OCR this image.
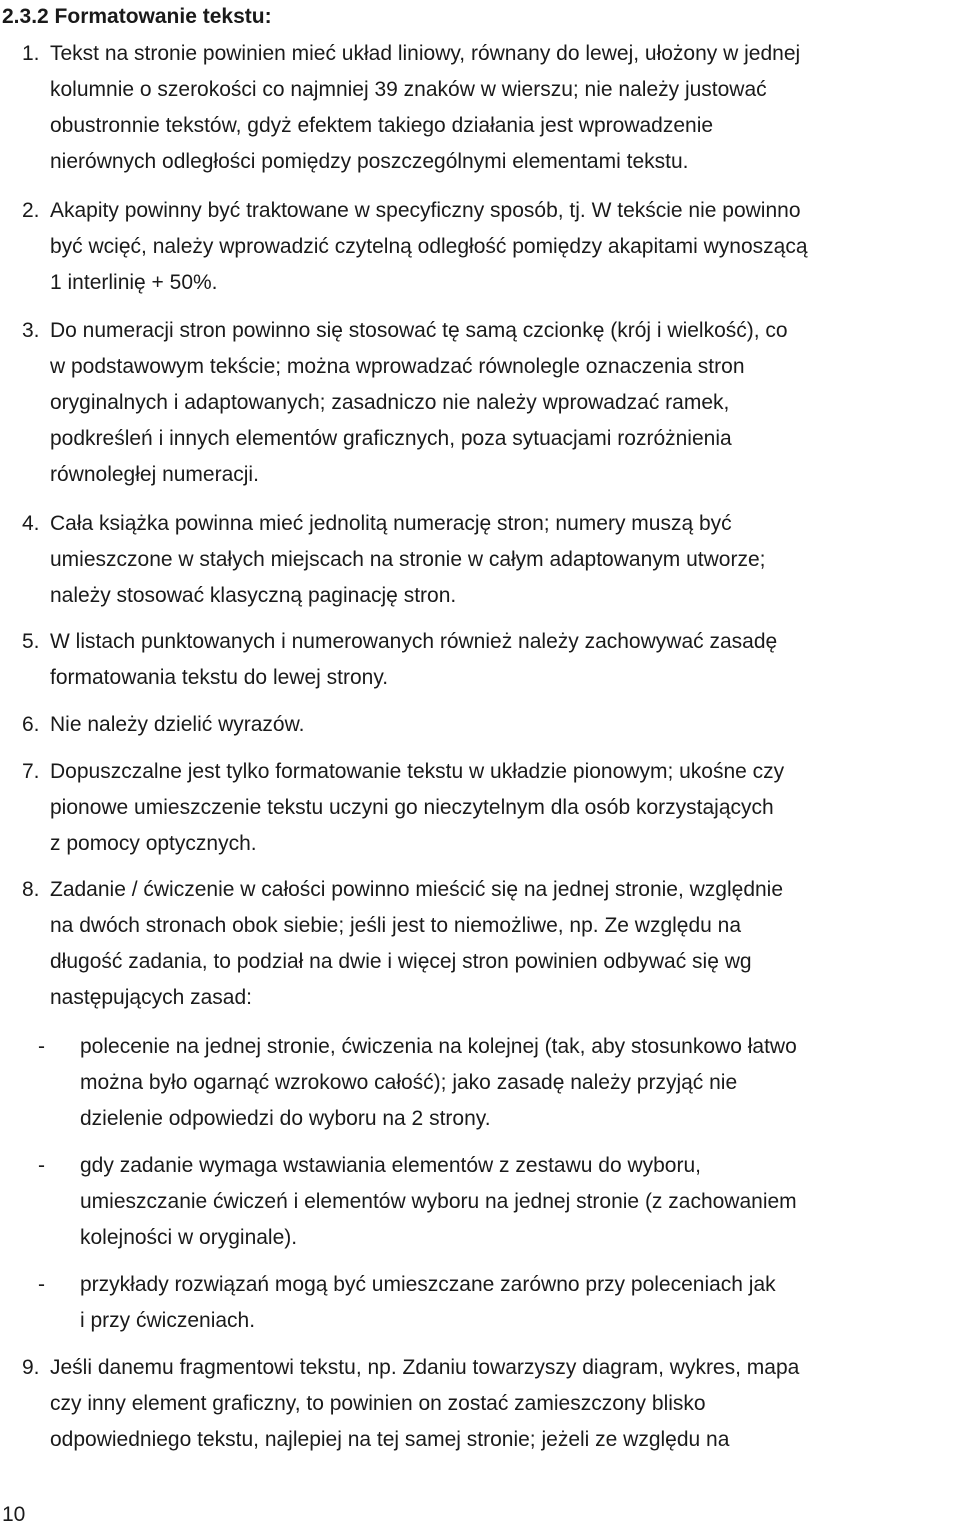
2.3.2 Formatowanie tekstu:
1. Tekst na stronie powinien mieć układ liniowy, równany do lewej, ułożony w jednej
kolumnie o szerokości co najmniej 39 znaków w wierszu; nie należy justować
obustronnie tekstów, gdyż efektem takiego działania jest wprowadzenie
nierównych odległości pomiędzy poszczególnymi elementami tekstu.
2. Akapity powinny być traktowane w specyficzny sposób, tj. W tekście nie powinno
być wcięć, należy wprowadzić czytelną odległość pomiędzy akapitami wynoszącą
1 interlinię + 50%.
3. Do numeracji stron powinno się stosować tę samą czcionkę (krój i wielkość), co
w podstawowym tekście; można wprowadzać równolegle oznaczenia stron
oryginalnych i adaptowanych; zasadniczo nie należy wprowadzać ramek,
podkreśleń i innych elementów graficznych, poza sytuacjami rozróżnienia
równoległej numeracji.
4. Cała książka powinna mieć jednolitą numerację stron; numery muszą być
umieszczone w stałych miejscach na stronie w całym adaptowanym utworze;
należy stosować klasyczną paginację stron.
5. W listach punktowanych i numerowanych również należy zachowywać zasadę
formatowania tekstu do lewej strony.
6. Nie należy dzielić wyrazów.
7. Dopuszczalne jest tylko formatowanie tekstu w układzie pionowym; ukośne czy
pionowe umieszczenie tekstu uczyni go nieczytelnym dla osób korzystających
z pomocy optycznych.
8. Zadanie / ćwiczenie w całości powinno mieścić się na jednej stronie, względnie
na dwóch stronach obok siebie; jeśli jest to niemożliwe, np. Ze względu na
długość zadania, to podział na dwie i więcej stron powinien odbywać się wg
następujących zasad:
- polecenie na jednej stronie, ćwiczenia na kolejnej (tak, aby stosunkowo łatwo
można było ogarnąć wzrokowo całość); jako zasadę należy przyjąć nie
dzielenie odpowiedzi do wyboru na 2 strony.
- gdy zadanie wymaga wstawiania elementów z zestawu do wyboru,
umieszczanie ćwiczeń i elementów wyboru na jednej stronie (z zachowaniem
kolejności w oryginale).
- przykłady rozwiązań mogą być umieszczane zarówno przy poleceniach jak
i przy ćwiczeniach.
9. Jeśli danemu fragmentowi tekstu, np. Zdaniu towarzyszy diagram, wykres, mapa
czy inny element graficzny, to powinien on zostać zamieszczony blisko
odpowiedniego tekstu, najlepiej na tej samej stronie; jeżeli ze względu na
10
